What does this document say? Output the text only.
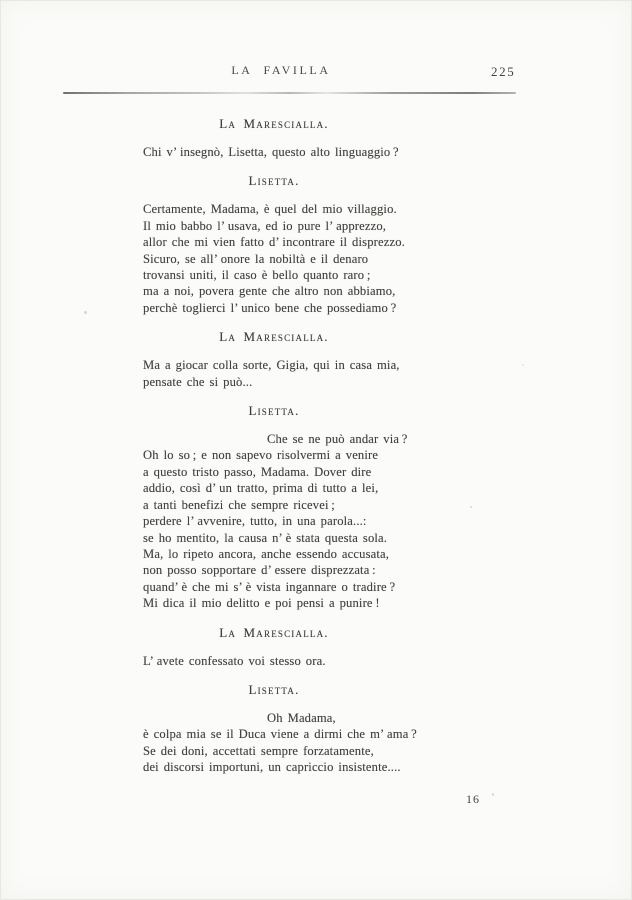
LA FAVILLA	225
La Marescialla.

Chi v’ insegnò, Lisetta, questo alto linguaggio ?

Lisetta.

Certamente, Madama, è quel del mio villaggio.

Il mio babbo l’ usava, ed io pure l’ apprezzo,

allor che mi vien fatto d’ incontrare il disprezzo.

Sicuro, se all’ onore la nobiltà e il denaro

trovansi uniti, il caso è bello quanto raro ;

ma a noi, povera gente che altro non abbiamo,

perchè toglierci l’ unico bene che possediamo ?

La Marescialla.

Ma a giocar colla sorte, Gigia, qui in casa mia,

pensate che si può...

Lisetta.

Che se ne può andar via ?

Oh lo so ; e non sapevo risolvermi a venire

a questo tristo passo, Madama. Dover dire

addio, così d’ un tratto, prima di tutto a lei,

a tanti benefizi che sempre ricevei ;

perdere l’ avvenire, tutto, in una parola...:

se ho mentito, la causa n’ è stata questa sola.

Ma, lo ripeto ancora, anche essendo accusata,

non posso sopportare d’ essere disprezzata :

quand’ è che mi s’ è vista ingannare o tradire ?

Mi dica il mio delitto e poi pensi a punire !

La Marescialla.

L’ avete confessato voi stesso ora.

Lisetta.

Oh Madama,

è colpa mia se il Duca viene a dirmi che m’ ama ?

Se dei doni, accettati sempre forzatamente,

dei discorsi importuni, un capriccio insistente....

16
